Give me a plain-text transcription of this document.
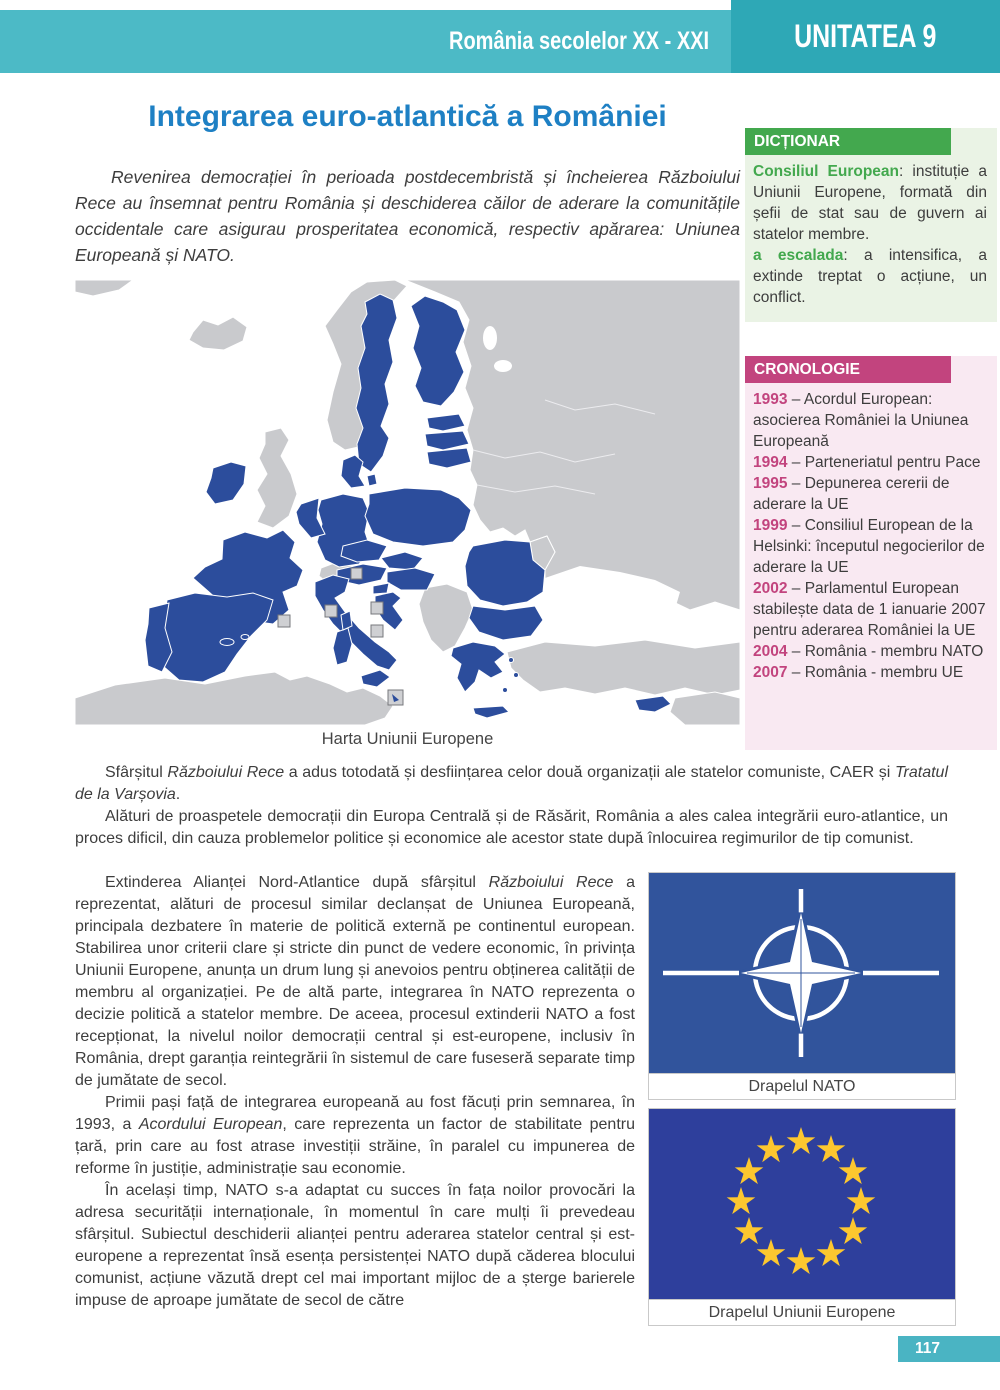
România secolelor XX - XXI	UNITATEA 9
Integrarea euro-atlantică a României

Revenirea democrației în perioada postdecembristă și încheierea Războiului Rece au însemnat pentru România și deschiderea căilor de aderare la comunitățile occidentale care asigurau prosperitatea economică, respectiv apărarea: Uniunea Europeană și NATO.

Harta Uniunii Europene
DICȚIONAR

Consiliul European: instituție a Uniunii Europene, formată din șefii de stat sau de guvern ai statelor membre.

a escalada: a intensifica, a extinde treptat o acțiune, un conflict.

CRONOLOGIE

1993 – Acordul European: asocierea României la Uniunea Europeană

1994 – Parteneriatul pentru Pace

1995 – Depunerea cererii de aderare la UE

1999 – Consiliul European de la Helsinki: începutul negocierilor de aderare la UE

2002 – Parlamentul European stabilește data de 1 ianuarie 2007 pentru aderarea României la UE

2004 – România - membru NATO

2007 – România - membru UE

Sfârșitul Războiului Rece a adus totodată și desființarea celor două organizații ale statelor comuniste, CAER și Tratatul de la Varșovia.

Alături de proaspetele democrații din Europa Centrală și de Răsărit, România a ales calea integrării euro-atlantice, un proces dificil, din cauza problemelor politice și economice ale acestor state după înlocuirea regimurilor de tip comunist.

Extinderea Alianței Nord-Atlantice după sfârșitul Războiului Rece a reprezentat, alături de procesul similar declanșat de Uniunea Europeană, principala dezbatere în materie de politică externă pe continentul european. Stabilirea unor criterii clare și stricte din punct de vedere economic, în privința Uniunii Europene, anunța un drum lung și anevoios pentru obținerea calității de membru al organizației. Pe de altă parte, integrarea în NATO reprezenta o decizie politică a statelor membre. De aceea, procesul extinderii NATO a fost recepționat, la nivelul noilor democrații central și est-europene, inclusiv în România, drept garanția reintegrării în sistemul de care fuseseră separate timp de jumătate de secol.

Primii pași față de integrarea europeană au fost făcuți prin semnarea, în 1993, a Acordului European, care reprezenta un factor de stabilitate pentru țară, prin care au fost atrase investiții străine, în paralel cu impunerea de reforme în justiție, administrație sau economie.

În același timp, NATO s-a adaptat cu succes în fața noilor provocări la adresa securității internaționale, în momentul în care mulți îi prevedeau sfârșitul. Subiectul deschiderii alianței pentru aderarea statelor central și est-europene a reprezentat însă esența persistenței NATO după căderea blocului comunist, acțiune văzută drept cel mai important mijloc de a șterge barierele impuse de aproape jumătate de secol de către

Drapelul NATO
Drapelul Uniunii Europene
117
